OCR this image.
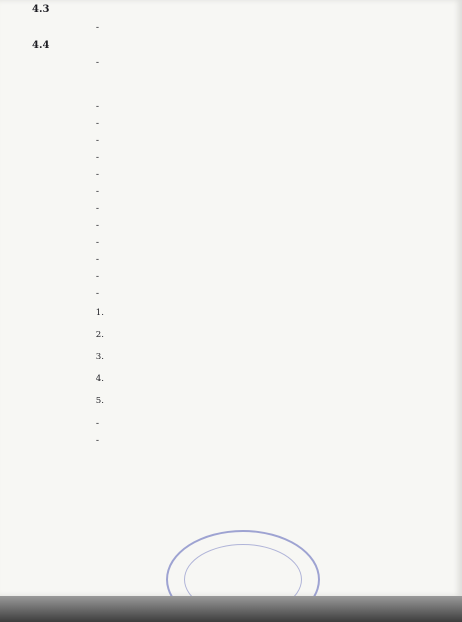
4.3
-
4.4
-
-
-
-
-
-
-
-
-
-
-
-
-
1.
2.
3.
4.
5.
-
-
